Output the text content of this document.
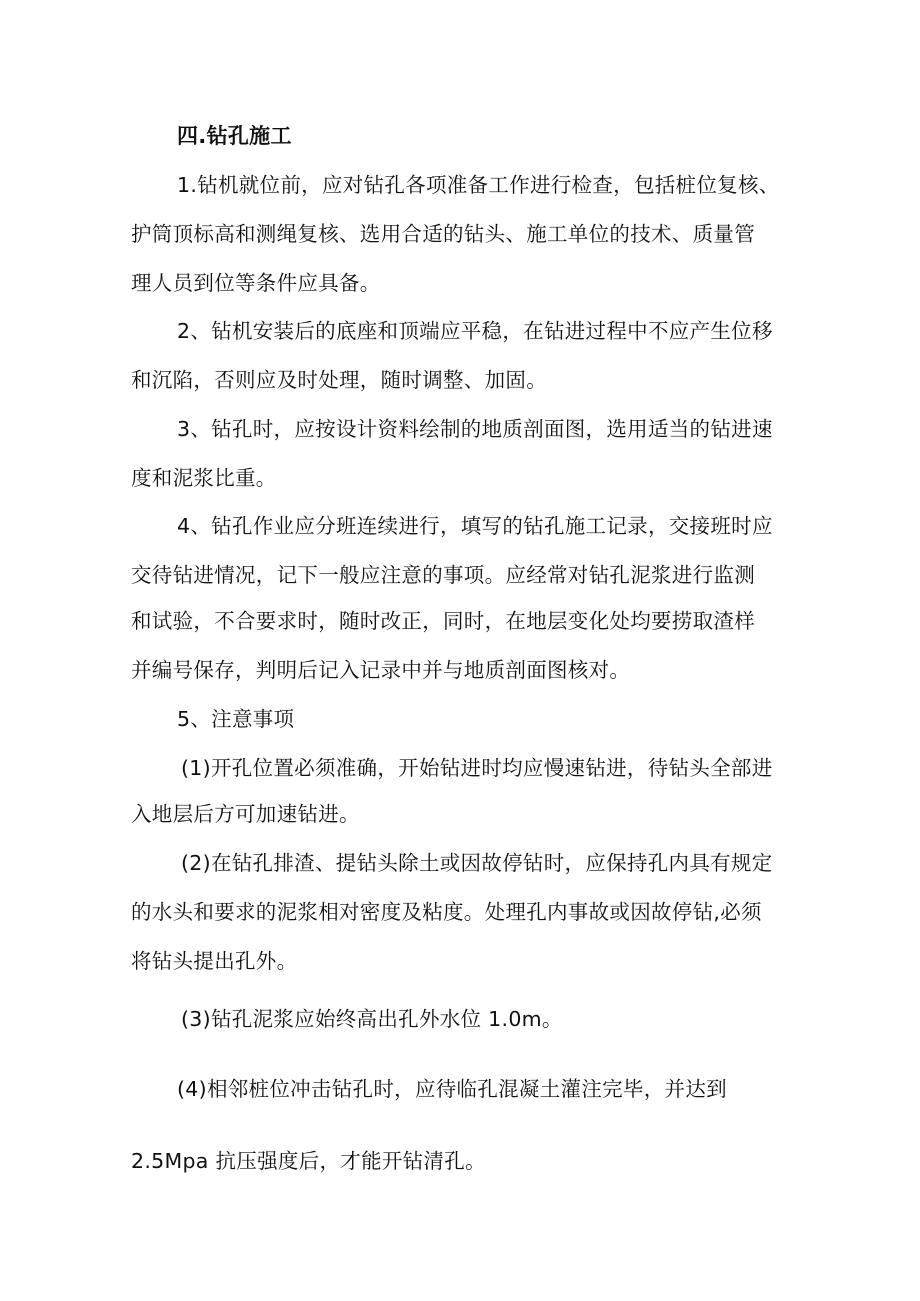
四.钻孔施工
1.钻机就位前，应对钻孔各项准备工作进行检查，包括桩位复核、
护筒顶标高和测绳复核、选用合适的钻头、施工单位的技术、质量管
理人员到位等条件应具备。
2、钻机安装后的底座和顶端应平稳，在钻进过程中不应产生位移
和沉陷，否则应及时处理，随时调整、加固。
3、钻孔时，应按设计资料绘制的地质剖面图，选用适当的钻进速
度和泥浆比重。
4、钻孔作业应分班连续进行，填写的钻孔施工记录，交接班时应
交待钻进情况，记下一般应注意的事项。应经常对钻孔泥浆进行监测
和试验，不合要求时，随时改正，同时，在地层变化处均要捞取渣样
并编号保存，判明后记入记录中并与地质剖面图核对。
5、注意事项
(1)开孔位置必须准确，开始钻进时均应慢速钻进，待钻头全部进
入地层后方可加速钻进。
(2)在钻孔排渣、提钻头除土或因故停钻时，应保持孔内具有规定
的水头和要求的泥浆相对密度及粘度。处理孔内事故或因故停钻,必须
将钻头提出孔外。
(3)钻孔泥浆应始终高出孔外水位 1.0m。
(4)相邻桩位冲击钻孔时，应待临孔混凝土灌注完毕，并达到
2.5Mpa 抗压强度后，才能开钻清孔。
